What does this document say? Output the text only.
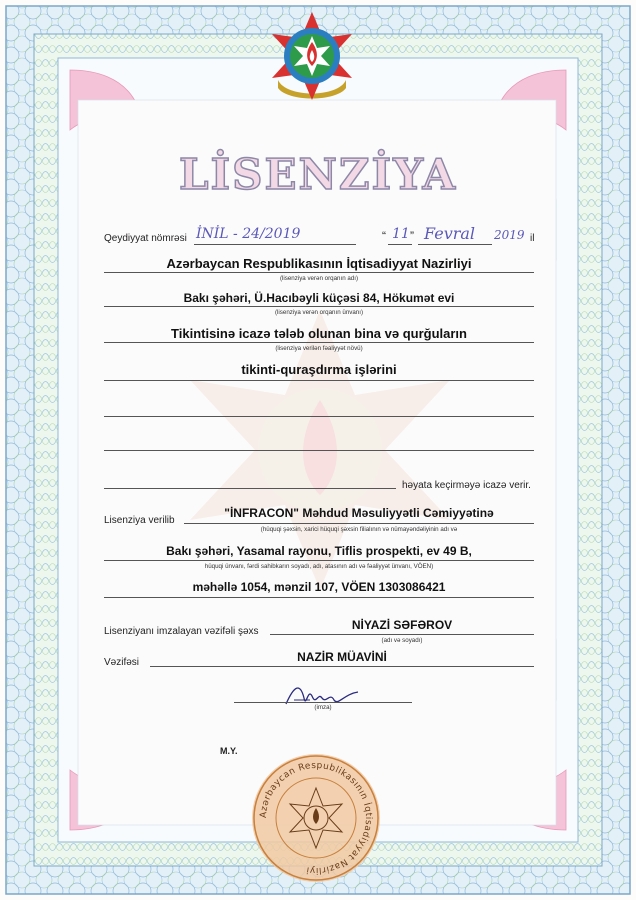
LİSENZİYA
Qeydiyyat nömrəsi İNİL - 24/2019	“ 11 ” Fevral 2019 il
Azərbaycan Respublikasının İqtisadiyyat Nazirliyi
(lisenziya verən orqanın adı)
Bakı şəhəri, Ü.Hacıbəyli küçəsi 84, Hökumət evi
(lisenziya verən orqanın ünvanı)
Tikintisinə icazə tələb olunan bina və qurğuların
(lisenziya verilən fəaliyyət növü)
tikinti-quraşdırma işlərini
həyata keçirməyə icazə verir.
Lisenziya verilib
"İNFRACON" Məhdud Məsuliyyətli Cəmiyyətinə
(hüquqi şəxsin, xarici hüquqi şəxsin filialının və nümayəndəliyinin adı və
Bakı şəhəri, Yasamal rayonu, Tiflis prospekti, ev 49 B,
hüquqi ünvanı, fərdi sahibkarın soyadı, adı, atasının adı və fəaliyyət ünvanı, VÖEN)
məhəllə 1054, mənzil 107, VÖEN 1303086421
Lisenziyanı imzalayan vəzifəli şəxs	NİYAZİ SƏFƏROV
(adı və soyadı)
Vəzifəsi	NAZİR MÜAVİNİ
(imza)
M.Y.
Azərbaycan Respublikasının İqtisadiyyat Nazirliyi
